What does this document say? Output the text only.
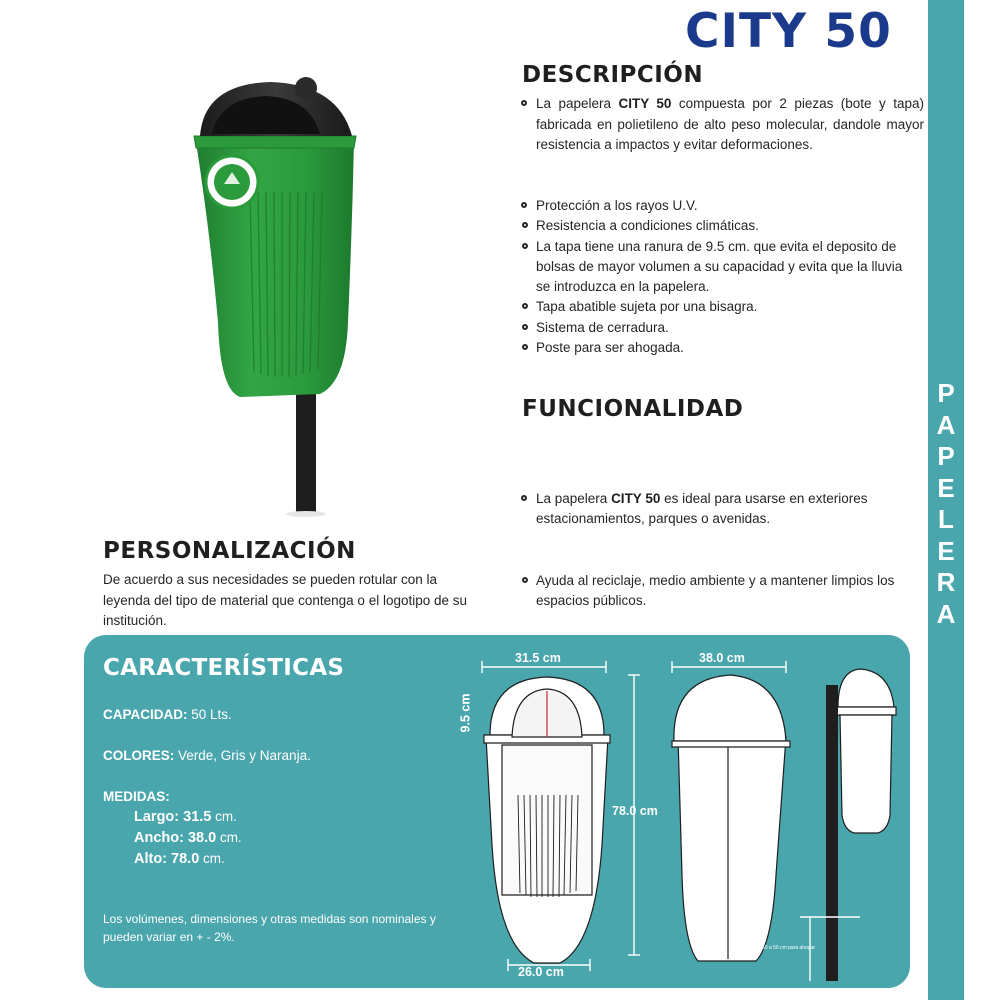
P
A
P
E
L
E
R
A
CITY 50
DESCRIPCIÓN

La papelera CITY 50 compuesta por 2 piezas (bote y tapa) fabricada en polietileno de alto peso molecular, dandole mayor resistencia a impactos y evitar deformaciones.

Protección a los rayos U.V.
Resistencia a condiciones climáticas.
La tapa tiene una ranura de 9.5 cm. que evita el deposito de bolsas de mayor volumen a su capacidad y evita que la lluvia se introduzca en la papelera.
Tapa abatible sujeta por una bisagra.
Sistema de cerradura.
Poste para ser ahogada.
FUNCIONALIDAD

La papelera CITY 50 es ideal para usarse en exteriores estacionamientos, parques o avenidas.

Ayuda al reciclaje, medio ambiente y a mantener limpios los espacios públicos.

PERSONALIZACIÓN

De acuerdo a sus necesidades se pueden rotular con la leyenda del tipo de material que contenga o el logotipo de su institución.

CARACTERÍSTICAS
CAPACIDAD: 50 Lts.
COLORES: Verde, Gris y Naranja.
MEDIDAS:
Largo: 31.5 cm.
Ancho: 38.0 cm.
Alto: 78.0 cm.
Los volúmenes, dimensiones y otras medidas son nominales y pueden variar en + - 2%.
31.5 cm	38.0 cm
9.5 cm
78.0 cm
26.0 cm
60 a 50 cm para ahogar
